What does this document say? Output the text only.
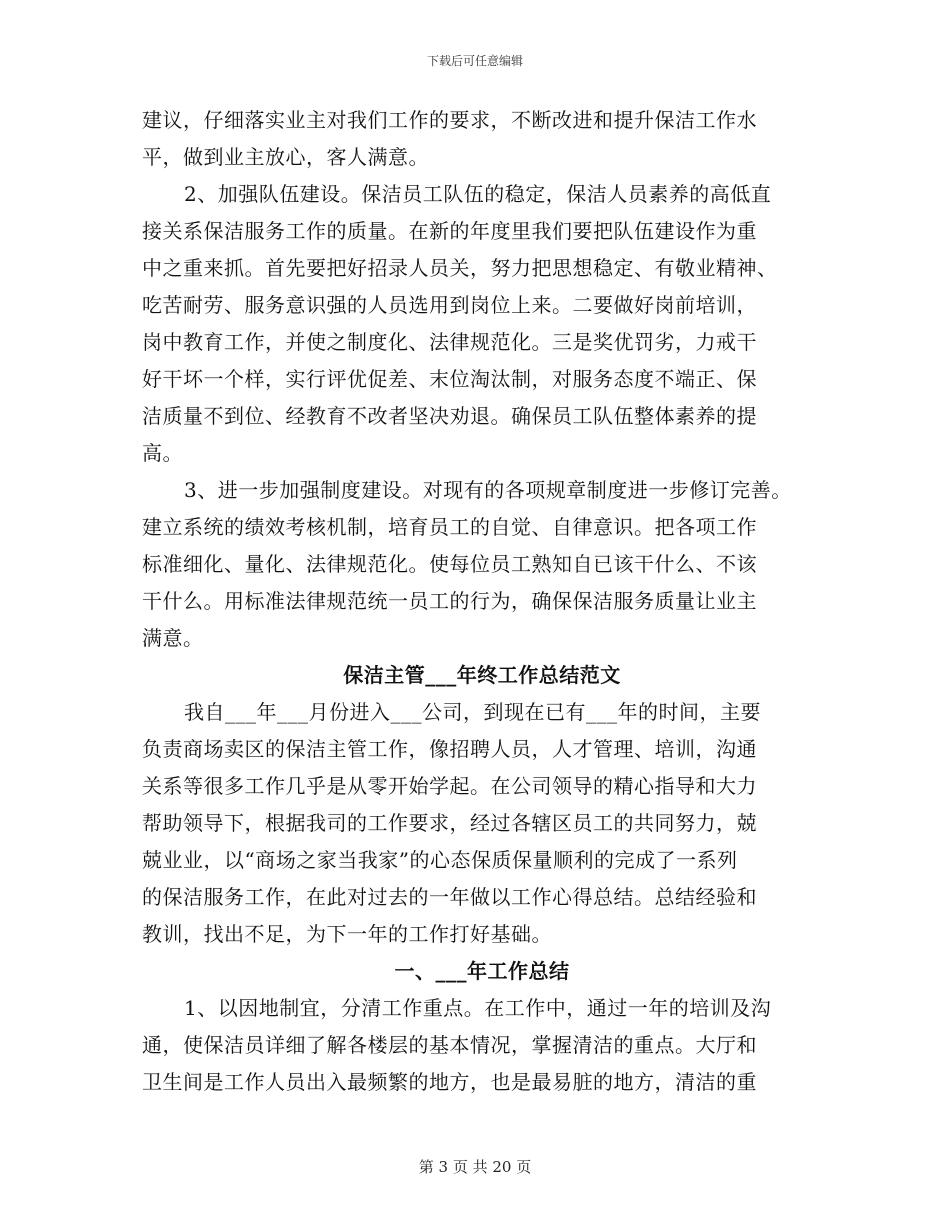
下载后可任意编辑
建议，仔细落实业主对我们工作的要求，不断改进和提升保洁工作水
平，做到业主放心，客人满意。
2、加强队伍建设。保洁员工队伍的稳定，保洁人员素养的高低直
接关系保洁服务工作的质量。在新的年度里我们要把队伍建设作为重
中之重来抓。首先要把好招录人员关，努力把思想稳定、有敬业精神、
吃苦耐劳、服务意识强的人员选用到岗位上来。二要做好岗前培训，
岗中教育工作，并使之制度化、法律规范化。三是奖优罚劣，力戒干
好干坏一个样，实行评优促差、末位淘汰制，对服务态度不端正、保
洁质量不到位、经教育不改者坚决劝退。确保员工队伍整体素养的提
高。
3、进一步加强制度建设。对现有的各项规章制度进一步修订完善。
建立系统的绩效考核机制，培育员工的自觉、自律意识。把各项工作
标准细化、量化、法律规范化。使每位员工熟知自已该干什么、不该
干什么。用标准法律规范统一员工的行为，确保保洁服务质量让业主
满意。
保洁主管___年终工作总结范文
我自___年___月份进入___公司，到现在已有___年的时间，主要
负责商场卖区的保洁主管工作，像招聘人员，人才管理、培训，沟通
关系等很多工作几乎是从零开始学起。在公司领导的精心指导和大力
帮助领导下，根据我司的工作要求，经过各辖区员工的共同努力，兢
兢业业，以“商场之家当我家”的心态保质保量顺利的完成了一系列
的保洁服务工作，在此对过去的一年做以工作心得总结。总结经验和
教训，找出不足，为下一年的工作打好基础。
一、___年工作总结
1、以因地制宜，分清工作重点。在工作中，通过一年的培训及沟
通，使保洁员详细了解各楼层的基本情况，掌握清洁的重点。大厅和
卫生间是工作人员出入最频繁的地方，也是最易脏的地方，清洁的重
第 3 页 共 20 页
